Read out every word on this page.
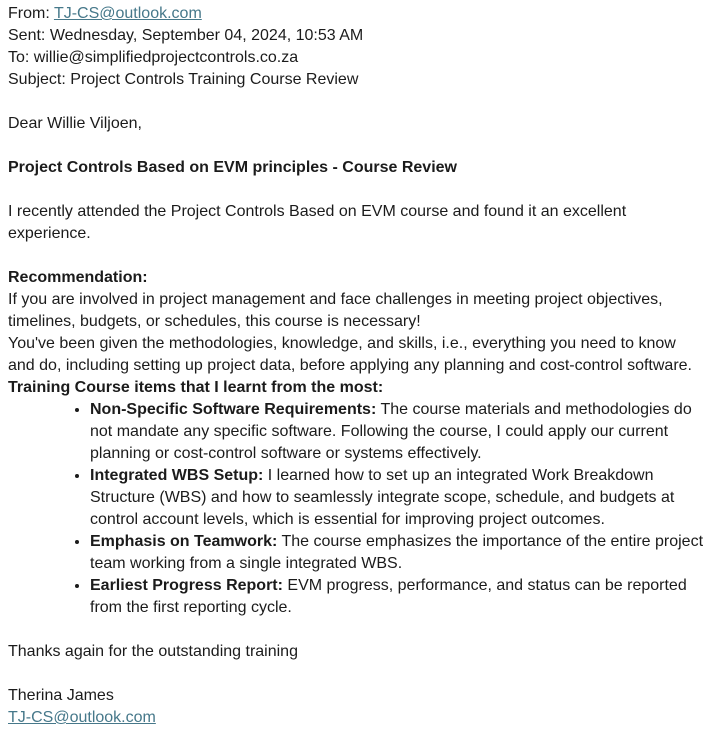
From: TJ-CS@outlook.com
Sent: Wednesday, September 04, 2024, 10:53 AM
To: willie@simplifiedprojectcontrols.co.za
Subject: Project Controls Training Course Review

Dear Willie Viljoen,

Project Controls Based on EVM principles - Course Review

I recently attended the Project Controls Based on EVM course and found it an excellent experience.

Recommendation:

If you are involved in project management and face challenges in meeting project objectives, timelines, budgets, or schedules, this course is necessary!

You've been given the methodologies, knowledge, and skills, i.e., everything you need to know and do, including setting up project data, before applying any planning and cost-control software.

Training Course items that I learnt from the most:

• Non-Specific Software Requirements: The course materials and methodologies do not mandate any specific software. Following the course, I could apply our current planning or cost-control software or systems effectively.
• Integrated WBS Setup: I learned how to set up an integrated Work Breakdown Structure (WBS) and how to seamlessly integrate scope, schedule, and budgets at control account levels, which is essential for improving project outcomes.
• Emphasis on Teamwork: The course emphasizes the importance of the entire project team working from a single integrated WBS.
• Earliest Progress Report: EVM progress, performance, and status can be reported from the first reporting cycle.

Thanks again for the outstanding training

Therina James

TJ-CS@outlook.com
